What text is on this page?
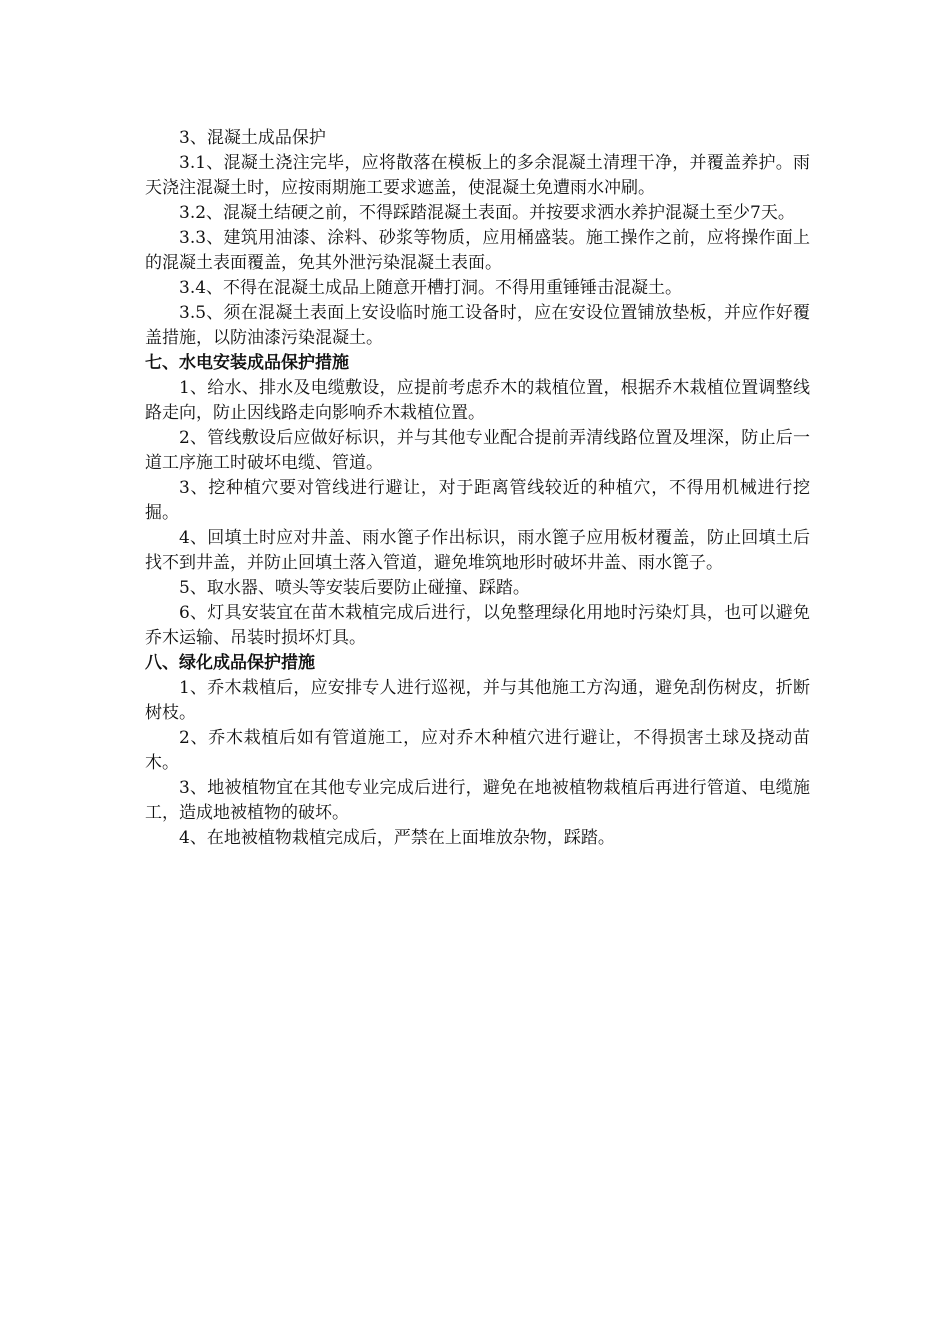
3、混凝土成品保护

3.1、混凝土浇注完毕，应将散落在模板上的多余混凝土清理干净，并覆盖养护。雨天浇注混凝土时，应按雨期施工要求遮盖，使混凝土免遭雨水冲刷。

3.2、混凝土结硬之前，不得踩踏混凝土表面。并按要求洒水养护混凝土至少7天。

3.3、建筑用油漆、涂料、砂浆等物质，应用桶盛装。施工操作之前，应将操作面上的混凝土表面覆盖，免其外泄污染混凝土表面。

3.4、不得在混凝土成品上随意开槽打洞。不得用重锤锤击混凝土。

3.5、须在混凝土表面上安设临时施工设备时，应在安设位置铺放垫板，并应作好覆盖措施，以防油漆污染混凝土。

七、水电安装成品保护措施

1、给水、排水及电缆敷设，应提前考虑乔木的栽植位置，根据乔木栽植位置调整线路走向，防止因线路走向影响乔木栽植位置。

2、管线敷设后应做好标识，并与其他专业配合提前弄清线路位置及埋深，防止后一道工序施工时破坏电缆、管道。

3、挖种植穴要对管线进行避让，对于距离管线较近的种植穴，不得用机械进行挖掘。

4、回填土时应对井盖、雨水篦子作出标识，雨水篦子应用板材覆盖，防止回填土后找不到井盖，并防止回填土落入管道，避免堆筑地形时破坏井盖、雨水篦子。

5、取水器、喷头等安装后要防止碰撞、踩踏。

6、灯具安装宜在苗木栽植完成后进行，以免整理绿化用地时污染灯具，也可以避免乔木运输、吊装时损坏灯具。

八、绿化成品保护措施

1、乔木栽植后，应安排专人进行巡视，并与其他施工方沟通，避免刮伤树皮，折断树枝。

2、乔木栽植后如有管道施工，应对乔木种植穴进行避让，不得损害土球及挠动苗木。

3、地被植物宜在其他专业完成后进行，避免在地被植物栽植后再进行管道、电缆施工，造成地被植物的破坏。

4、在地被植物栽植完成后，严禁在上面堆放杂物，踩踏。
